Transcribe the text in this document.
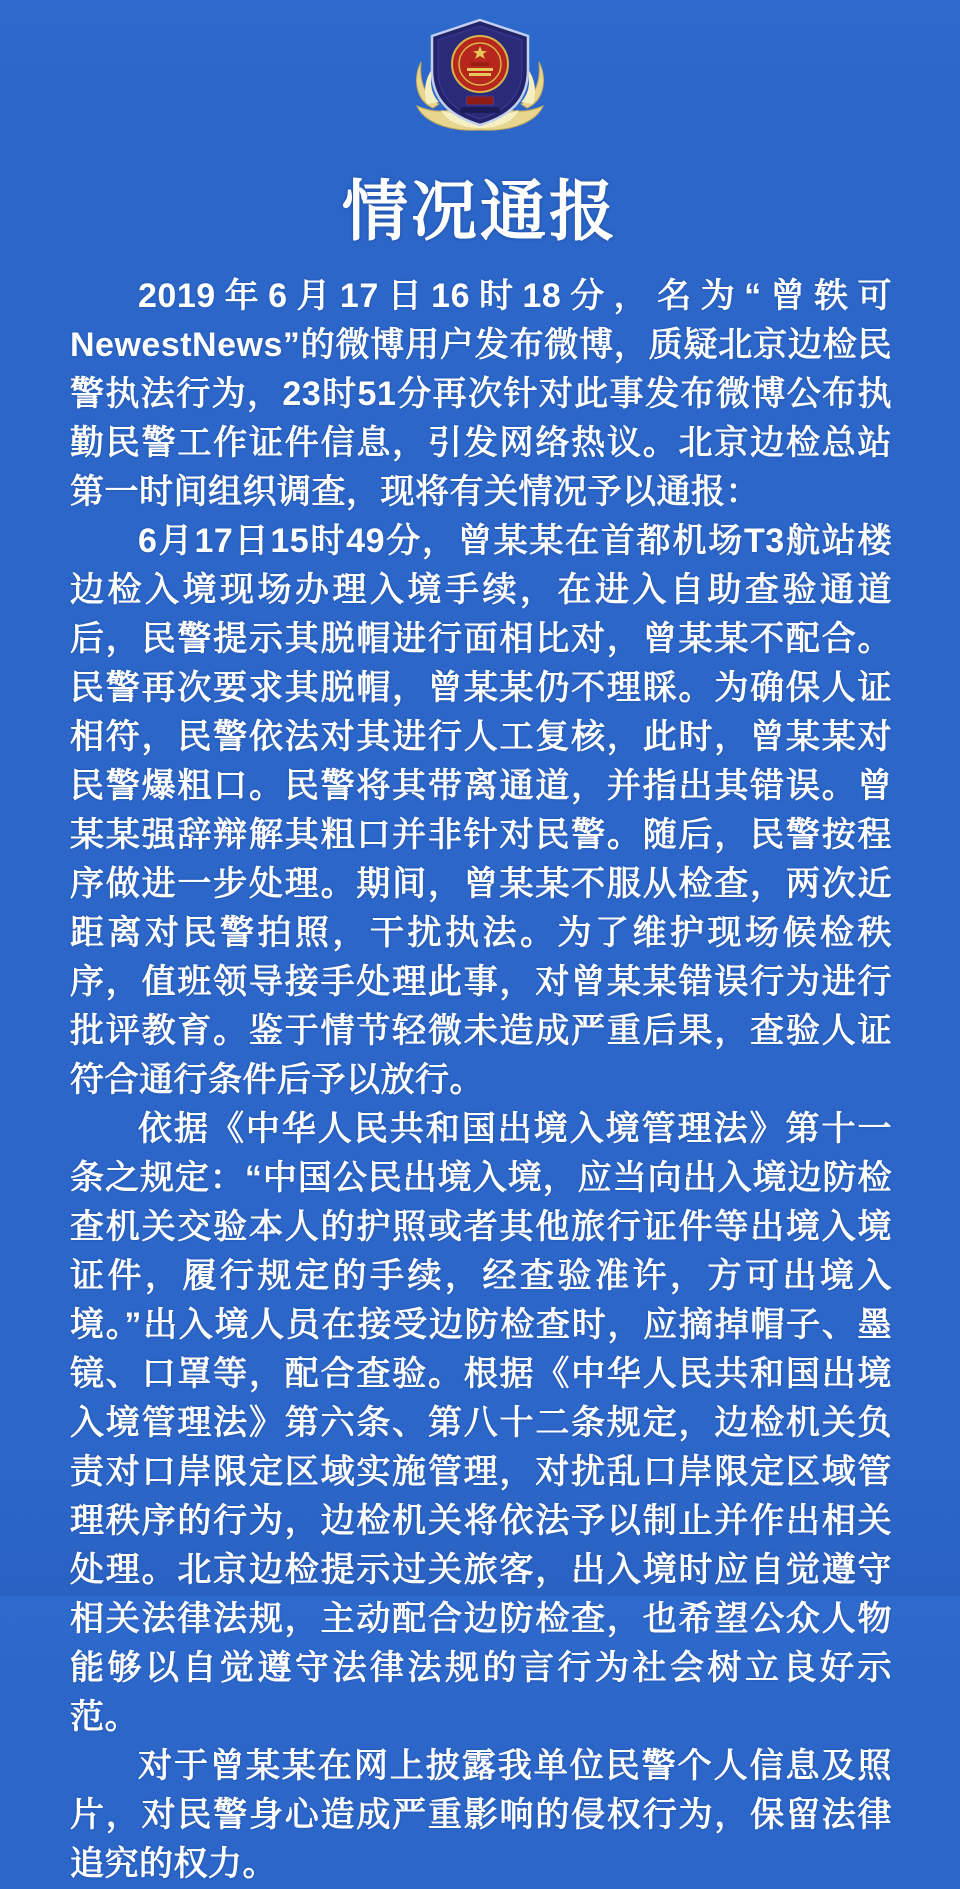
情况通报

2019年6月17日16时18分，名为“曾轶可NewestNews”的微博用户发布微博，质疑北京边检民警执法行为，23时51分再次针对此事发布微博公布执勤民警工作证件信息，引发网络热议。北京边检总站第一时间组织调查，现将有关情况予以通报：

6月17日15时49分，曾某某在首都机场T3航站楼边检入境现场办理入境手续，在进入自助查验通道后，民警提示其脱帽进行面相比对，曾某某不配合。民警再次要求其脱帽，曾某某仍不理睬。为确保人证相符，民警依法对其进行人工复核，此时，曾某某对民警爆粗口。民警将其带离通道，并指出其错误。曾某某强辞辩解其粗口并非针对民警。随后，民警按程序做进一步处理。期间，曾某某不服从检查，两次近距离对民警拍照，干扰执法。为了维护现场候检秩序，值班领导接手处理此事，对曾某某错误行为进行批评教育。鉴于情节轻微未造成严重后果，查验人证符合通行条件后予以放行。

依据《中华人民共和国出境入境管理法》第十一条之规定：“中国公民出境入境，应当向出入境边防检查机关交验本人的护照或者其他旅行证件等出境入境证件，履行规定的手续，经查验准许，方可出境入境。”出入境人员在接受边防检查时，应摘掉帽子、墨镜、口罩等，配合查验。根据《中华人民共和国出境入境管理法》第六条、第八十二条规定，边检机关负责对口岸限定区域实施管理，对扰乱口岸限定区域管理秩序的行为，边检机关将依法予以制止并作出相关处理。北京边检提示过关旅客，出入境时应自觉遵守相关法律法规，主动配合边防检查，也希望公众人物能够以自觉遵守法律法规的言行为社会树立良好示范。

对于曾某某在网上披露我单位民警个人信息及照片，对民警身心造成严重影响的侵权行为，保留法律追究的权力。
